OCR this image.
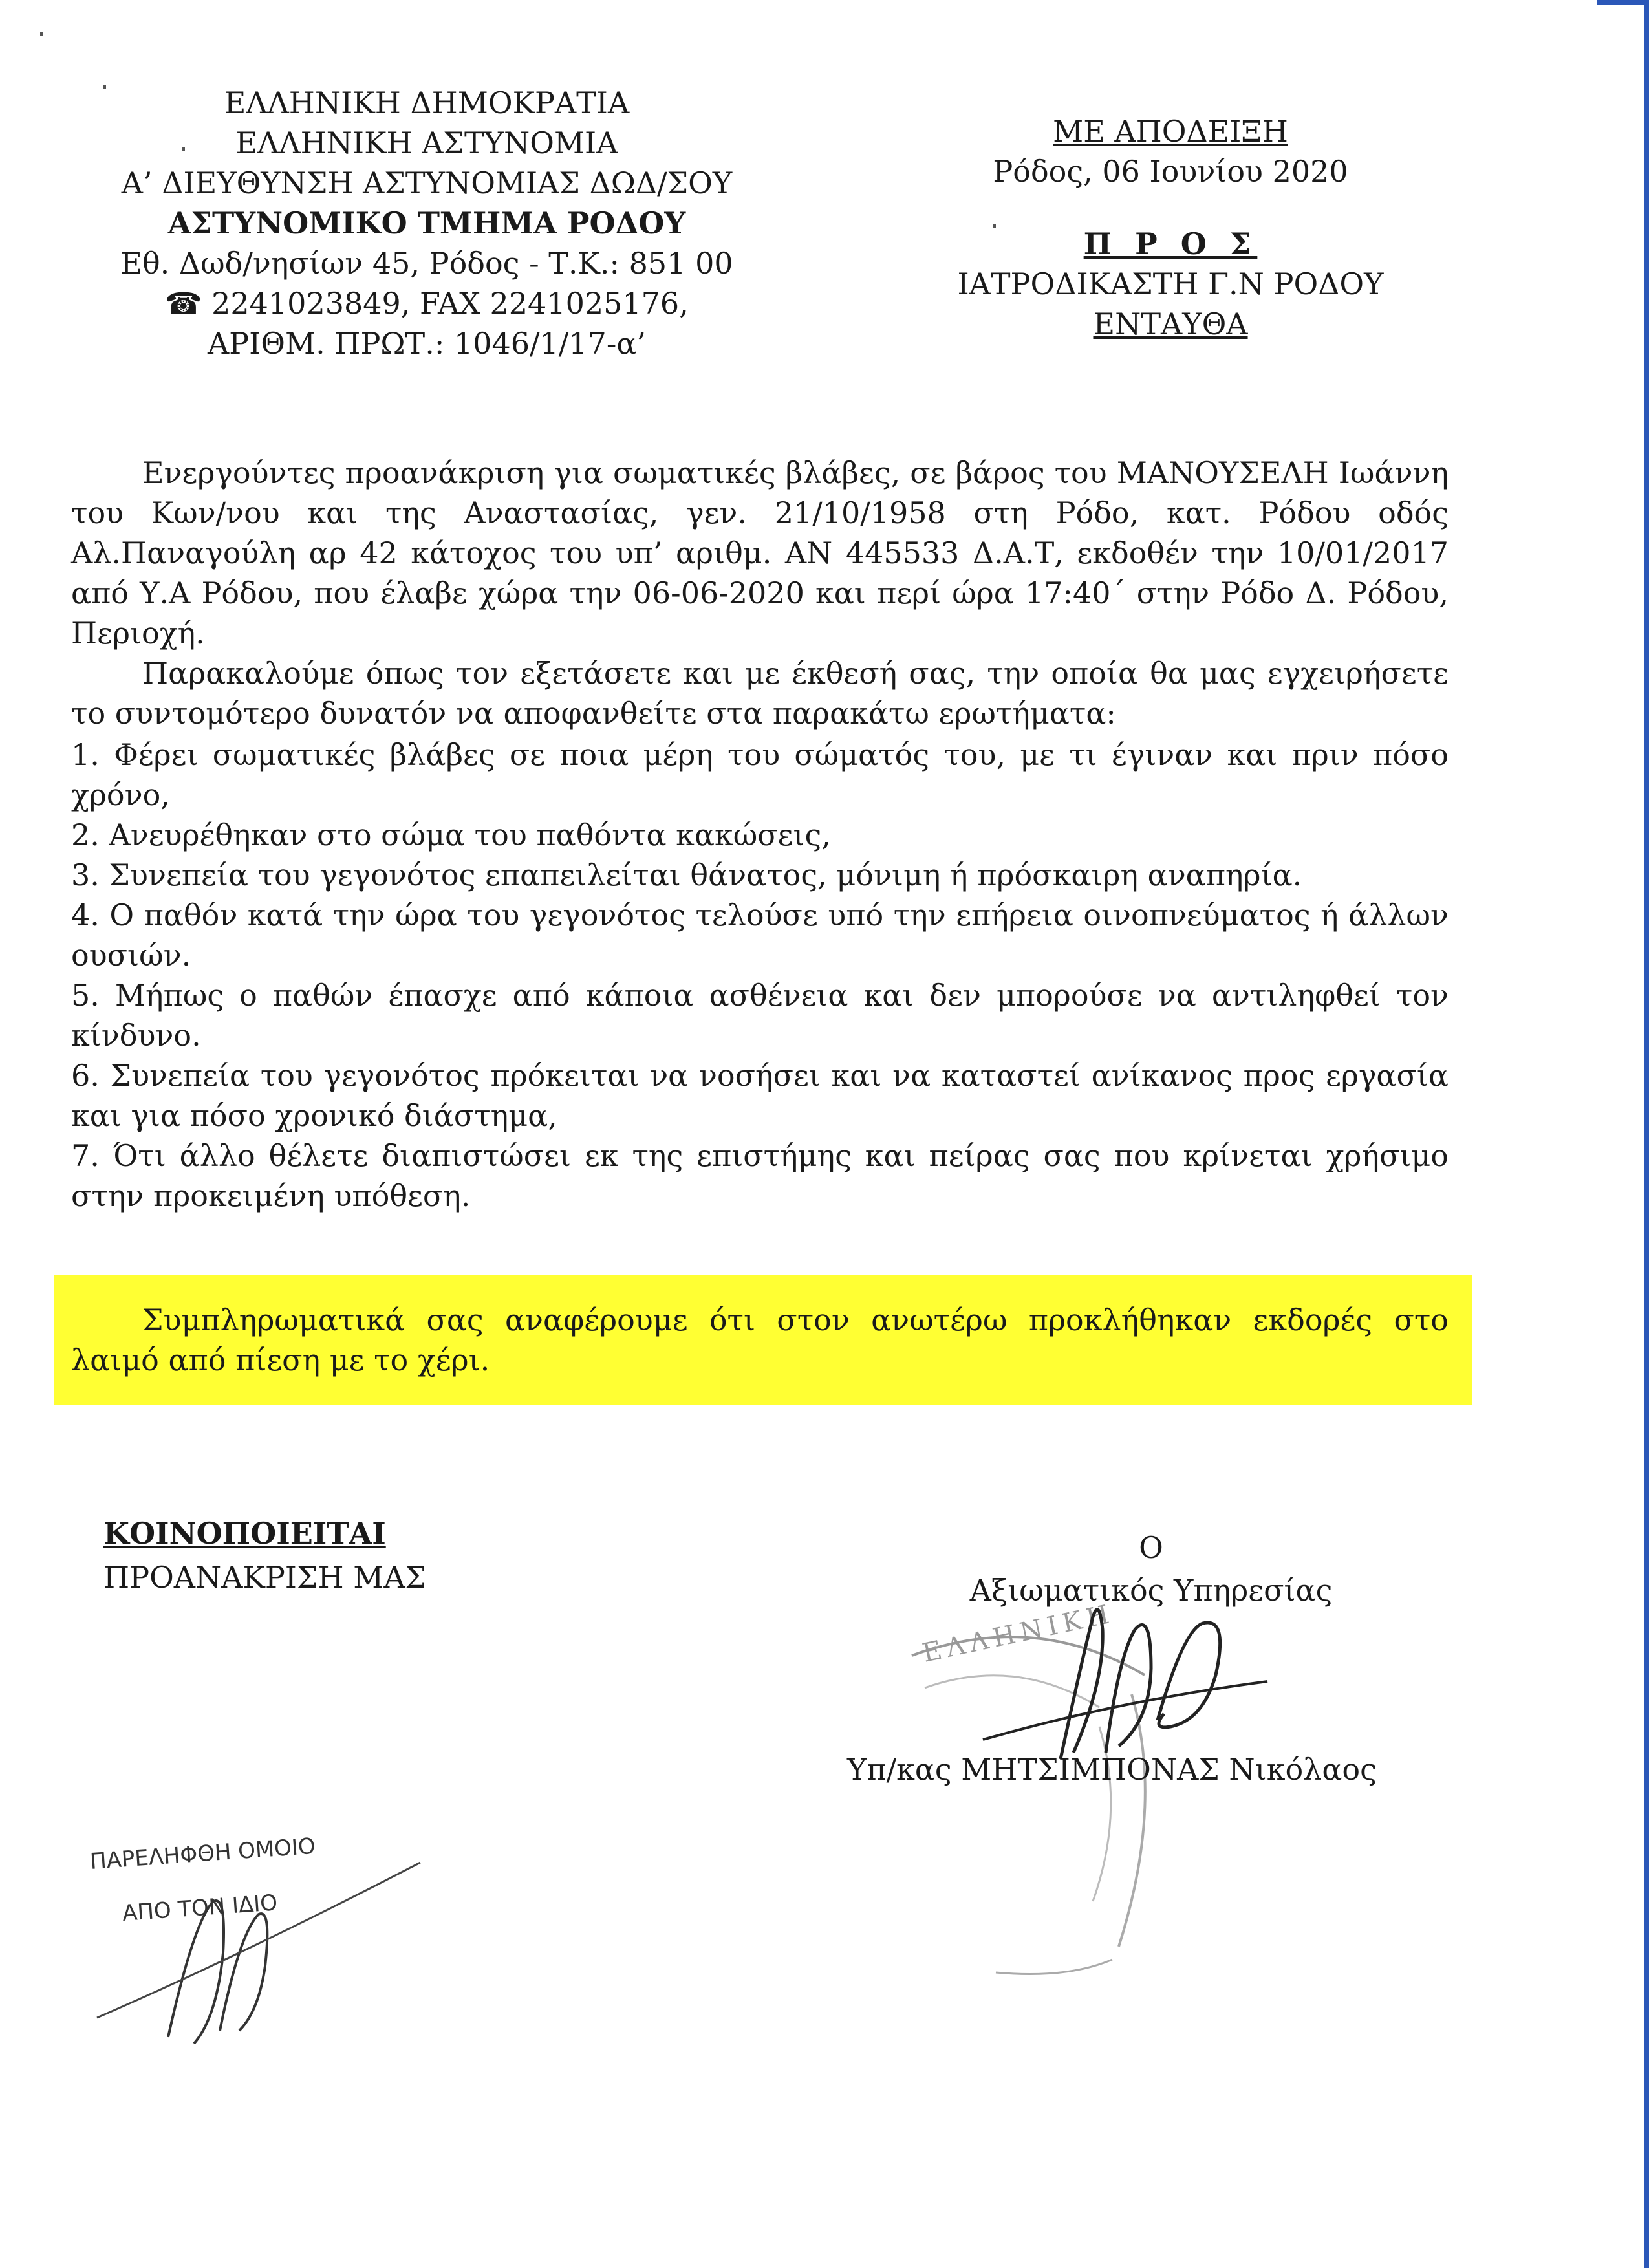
ΕΛΛΗΝΙΚΗ ΔΗΜΟΚΡΑΤΙΑ
ΕΛΛΗΝΙΚΗ ΑΣΤΥΝΟΜΙΑ
Α’ ΔΙΕΥΘΥΝΣΗ ΑΣΤΥΝΟΜΙΑΣ ΔΩΔ/ΣΟΥ
ΑΣΤΥΝΟΜΙΚΟ ΤΜΗΜΑ ΡΟΔΟΥ
Εθ. Δωδ/νησίων 45, Ρόδος - Τ.Κ.: 851 00
☎ 2241023849, FAX 2241025176,
ΑΡΙΘΜ. ΠΡΩΤ.: 1046/1/17-α’
ΜΕ ΑΠΟΔΕΙΞΗ
Ρόδος, 06 Ιουνίου 2020
Π Ρ Ο Σ
ΙΑΤΡΟΔΙΚΑΣΤΗ Γ.Ν ΡΟΔΟΥ
ΕΝΤΑΥΘΑ

Ενεργούντες προανάκριση για σωματικές βλάβες, σε βάρος του ΜΑΝΟΥΣΕΛΗ Ιωάννη του Κων/νου και της Αναστασίας, γεν. 21/10/1958 στη Ρόδο, κατ. Ρόδου οδός Αλ.Παναγούλη αρ 42 κάτοχος του υπ’ αριθμ. ΑΝ 445533 Δ.Α.Τ, εκδοθέν την 10/01/2017 από Υ.Α Ρόδου, που έλαβε χώρα την 06-06-2020 και περί ώρα 17:40΄ στην Ρόδο Δ. Ρόδου, Περιοχή.

Παρακαλούμε όπως τον εξετάσετε και με έκθεσή σας, την οποία θα μας εγχειρήσετε το συντομότερο δυνατόν να αποφανθείτε στα παρακάτω ερωτήματα:

1. Φέρει σωματικές βλάβες σε ποια μέρη του σώματός του, με τι έγιναν και πριν πόσο χρόνο,

2. Ανευρέθηκαν στο σώμα του παθόντα κακώσεις,

3. Συνεπεία του γεγονότος επαπειλείται θάνατος, μόνιμη ή πρόσκαιρη αναπηρία.

4. Ο παθόν κατά την ώρα του γεγονότος τελούσε υπό την επήρεια οινοπνεύματος ή άλλων ουσιών.

5. Μήπως ο παθών έπασχε από κάποια ασθένεια και δεν μπορούσε να αντιληφθεί τον κίνδυνο.

6. Συνεπεία του γεγονότος πρόκειται να νοσήσει και να καταστεί ανίκανος προς εργασία και για πόσο χρονικό διάστημα,

7. Ότι άλλο θέλετε διαπιστώσει εκ της επιστήμης και πείρας σας που κρίνεται χρήσιμο στην προκειμένη υπόθεση.

Συμπληρωματικά σας αναφέρουμε ότι στον ανωτέρω προκλήθηκαν εκδορές στο λαιμό από πίεση με το χέρι.

ΚΟΙΝΟΠΟΙΕΙΤΑΙ
ΠΡΟΑΝΑΚΡΙΣΗ ΜΑΣ
Ο
Αξιωματικός Υπηρεσίας
ΕΛΛΗΝΙΚΗ
Υπ/κας ΜΗΤΣΙΜΠΟΝΑΣ Νικόλαος
ΠΑΡΕΛΗΦΘΗ ΟΜΟΙΟ
ΑΠΟ ΤΟΝ ΙΔΙΟ
